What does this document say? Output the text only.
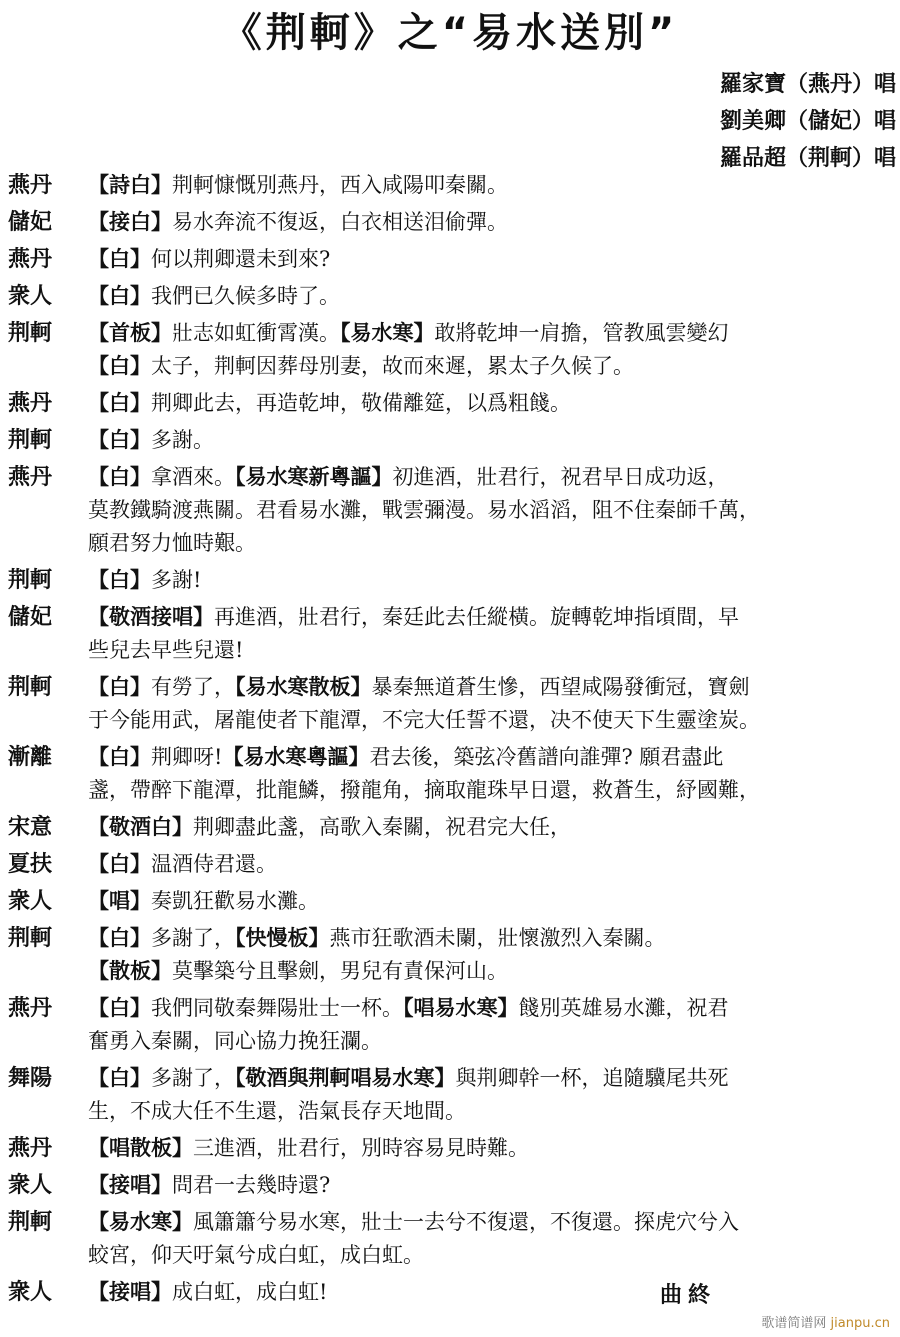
《荆軻》之“易水送別”
羅家寶（燕丹）唱
劉美卿（儲妃）唱
羅品超（荆軻）唱
燕丹	【詩白】荆軻慷慨別燕丹，西入咸陽叩秦關。
儲妃	【接白】易水奔流不復返，白衣相送泪偷彈。
燕丹	【白】何以荆卿還未到來?
衆人	【白】我們已久候多時了。
荆軻	【首板】壯志如虹衝霄漢。【易水寒】敢將乾坤一肩擔，管教風雲變幻
【白】太子，荆軻因葬母別妻，故而來遲，累太子久候了。
燕丹	【白】荆卿此去，再造乾坤，敬備離筵，以爲粗餞。
荆軻	【白】多謝。
燕丹	【白】拿酒來。【易水寒新粵謳】初進酒，壯君行，祝君早日成功返，
莫教鐵騎渡燕關。君看易水灘，戰雲彌漫。易水滔滔，阻不住秦師千萬，
願君努力恤時艱。
荆軻	【白】多謝!
儲妃	【敬酒接唱】再進酒，壯君行，秦廷此去任縱橫。旋轉乾坤指頃間，早
些兒去早些兒還!
荆軻	【白】有勞了，【易水寒散板】暴秦無道蒼生慘，西望咸陽發衝冠，寶劍
于今能用武，屠龍使者下龍潭，不完大任誓不還，决不使天下生靈塗炭。
漸離	【白】荆卿呀!【易水寒粵謳】君去後，築弦冷舊譜向誰彈? 願君盡此
盞，帶醉下龍潭，批龍鱗，撥龍角，摘取龍珠早日還，救蒼生，紓國難，
宋意	【敬酒白】荆卿盡此盞，高歌入秦關，祝君完大任，
夏扶	【白】温酒侍君還。
衆人	【唱】奏凱狂歡易水灘。
荆軻	【白】多謝了，【快慢板】燕市狂歌酒未闌，壯懷激烈入秦關。
【散板】莫擊築兮且擊劍，男兒有責保河山。
燕丹	【白】我們同敬秦舞陽壯士一杯。【唱易水寒】餞別英雄易水灘，祝君
奮勇入秦關，同心協力挽狂瀾。
舞陽	【白】多謝了，【敬酒與荆軻唱易水寒】與荆卿幹一杯，追隨驥尾共死
生，不成大任不生還，浩氣長存天地間。
燕丹	【唱散板】三進酒，壯君行，別時容易見時難。
衆人	【接唱】問君一去幾時還?
荆軻	【易水寒】風簫簫兮易水寒，壯士一去兮不復還，不復還。探虎穴兮入
蛟宮，仰天吁氣兮成白虹，成白虹。
衆人	【接唱】成白虹，成白虹!	曲終
歌谱简谱网 jianpu.cn
